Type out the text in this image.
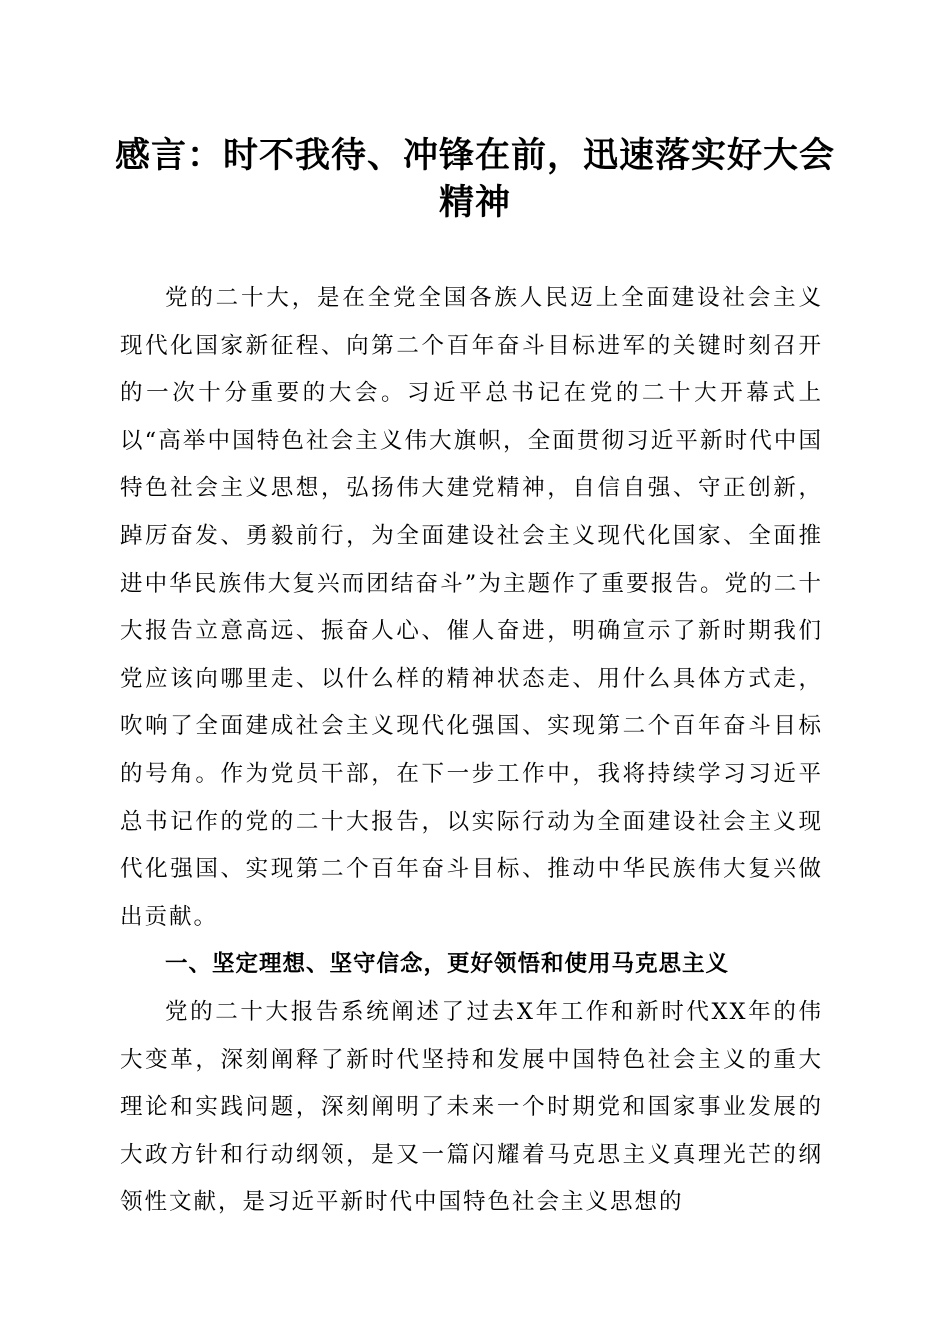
感言：时不我待、冲锋在前，迅速落实好大会精神

党的二十大，是在全党全国各族人民迈上全面建设社会主义现代化国家新征程、向第二个百年奋斗目标进军的关键时刻召开的一次十分重要的大会。习近平总书记在党的二十大开幕式上以“高举中国特色社会主义伟大旗帜，全面贯彻习近平新时代中国特色社会主义思想，弘扬伟大建党精神，自信自强、守正创新，踔厉奋发、勇毅前行，为全面建设社会主义现代化国家、全面推进中华民族伟大复兴而团结奋斗”为主题作了重要报告。党的二十大报告立意高远、振奋人心、催人奋进，明确宣示了新时期我们党应该向哪里走、以什么样的精神状态走、用什么具体方式走，吹响了全面建成社会主义现代化强国、实现第二个百年奋斗目标的号角。作为党员干部，在下一步工作中，我将持续学习习近平总书记作的党的二十大报告，以实际行动为全面建设社会主义现代化强国、实现第二个百年奋斗目标、推动中华民族伟大复兴做出贡献。

一、坚定理想、坚守信念，更好领悟和使用马克思主义

党的二十大报告系统阐述了过去X年工作和新时代XX年的伟大变革，深刻阐释了新时代坚持和发展中国特色社会主义的重大理论和实践问题，深刻阐明了未来一个时期党和国家事业发展的大政方针和行动纲领，是又一篇闪耀着马克思主义真理光芒的纲领性文献，是习近平新时代中国特色社会主义思想的
